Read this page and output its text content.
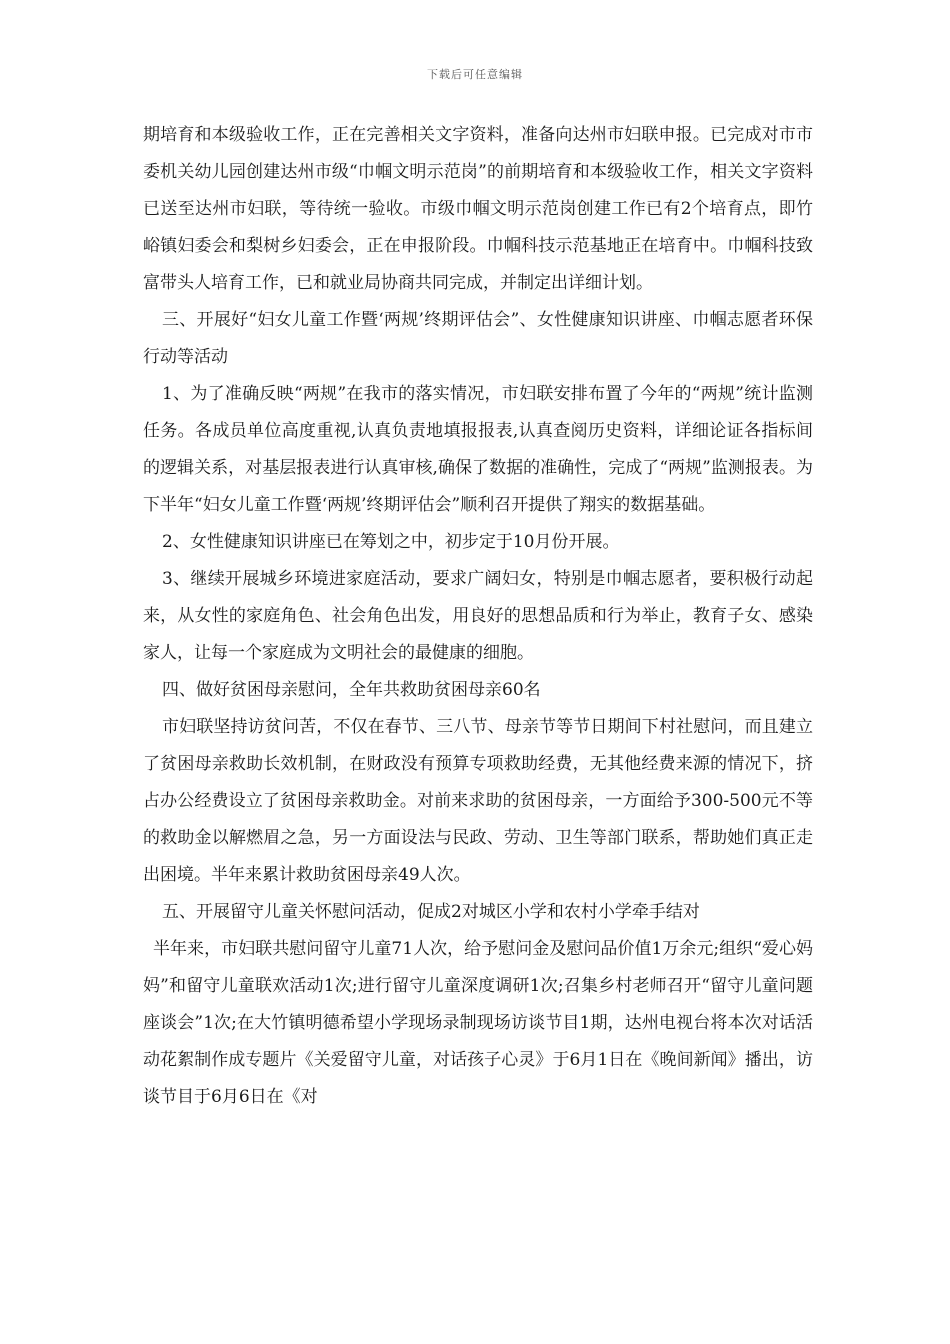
下载后可任意编辑

期培育和本级验收工作，正在完善相关文字资料，准备向达州市妇联申报。已完成对市市委机关幼儿园创建达州市级“巾帼文明示范岗”的前期培育和本级验收工作，相关文字资料已送至达州市妇联，等待统一验收。市级巾帼文明示范岗创建工作已有2个培育点，即竹峪镇妇委会和梨树乡妇委会，正在申报阶段。巾帼科技示范基地正在培育中。巾帼科技致富带头人培育工作，已和就业局协商共同完成，并制定出详细计划。

三、开展好“妇女儿童工作暨‘两规’终期评估会”、女性健康知识讲座、巾帼志愿者环保行动等活动

1、为了准确反映“两规”在我市的落实情况，市妇联安排布置了今年的“两规”统计监测任务。各成员单位高度重视,认真负责地填报报表,认真查阅历史资料，详细论证各指标间的逻辑关系，对基层报表进行认真审核,确保了数据的准确性，完成了“两规”监测报表。为下半年“妇女儿童工作暨‘两规’终期评估会”顺利召开提供了翔实的数据基础。

2、女性健康知识讲座已在筹划之中，初步定于10月份开展。

3、继续开展城乡环境进家庭活动，要求广阔妇女，特别是巾帼志愿者，要积极行动起来，从女性的家庭角色、社会角色出发，用良好的思想品质和行为举止，教育子女、感染家人，让每一个家庭成为文明社会的最健康的细胞。

四、做好贫困母亲慰问，全年共救助贫困母亲60名

市妇联坚持访贫问苦，不仅在春节、三八节、母亲节等节日期间下村社慰问，而且建立了贫困母亲救助长效机制，在财政没有预算专项救助经费，无其他经费来源的情况下，挤占办公经费设立了贫困母亲救助金。对前来求助的贫困母亲，一方面给予300-500元不等的救助金以解燃眉之急，另一方面设法与民政、劳动、卫生等部门联系，帮助她们真正走出困境。半年来累计救助贫困母亲49人次。

五、开展留守儿童关怀慰问活动，促成2对城区小学和农村小学牵手结对

半年来，市妇联共慰问留守儿童71人次，给予慰问金及慰问品价值1万余元;组织“爱心妈妈”和留守儿童联欢活动1次;进行留守儿童深度调研1次;召集乡村老师召开“留守儿童问题座谈会”1次;在大竹镇明德希望小学现场录制现场访谈节目1期，达州电视台将本次对话活动花絮制作成专题片《关爱留守儿童，对话孩子心灵》于6月1日在《晚间新闻》播出，访谈节目于6月6日在《对
